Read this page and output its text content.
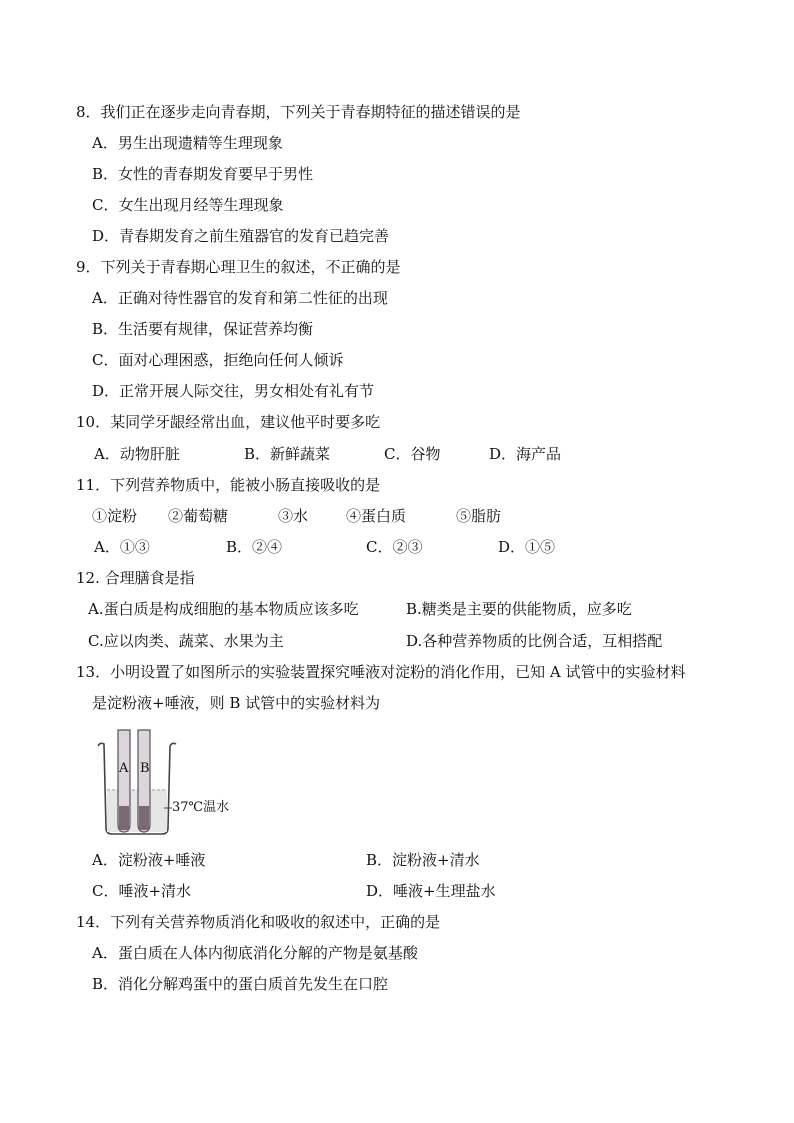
8．我们正在逐步走向青春期，下列关于青春期特征的描述错误的是
A．男生出现遗精等生理现象
B．女性的青春期发育要早于男性
C．女生出现月经等生理现象
D．青春期发育之前生殖器官的发育已趋完善
9．下列关于青春期心理卫生的叙述，不正确的是
A．正确对待性器官的发育和第二性征的出现
B．生活要有规律，保证营养均衡
C．面对心理困惑，拒绝向任何人倾诉
D．正常开展人际交往，男女相处有礼有节
10．某同学牙龈经常出血，建议他平时要多吃
A．动物肝脏	B．新鲜蔬菜	C．谷物	D．海产品
11．下列营养物质中，能被小肠直接吸收的是
①淀粉 ②葡萄糖	③水	④蛋白质	⑤脂肪
A．①③	B．②④	C．②③	D．①⑤
12. 合理膳食是指
A.蛋白质是构成细胞的基本物质应该多吃	B.糖类是主要的供能物质，应多吃
C.应以肉类、蔬菜、水果为主	D.各种营养物质的比例合适，互相搭配
13．小明设置了如图所示的实验装置探究唾液对淀粉的消化作用，已知 A 试管中的实验材料
是淀粉液+唾液，则 B 试管中的实验材料为
A B
37℃温水
A．淀粉液+唾液	B．淀粉液+清水
C．唾液+清水	D．唾液+生理盐水
14．下列有关营养物质消化和吸收的叙述中，正确的是
A．蛋白质在人体内彻底消化分解的产物是氨基酸
B．消化分解鸡蛋中的蛋白质首先发生在口腔
